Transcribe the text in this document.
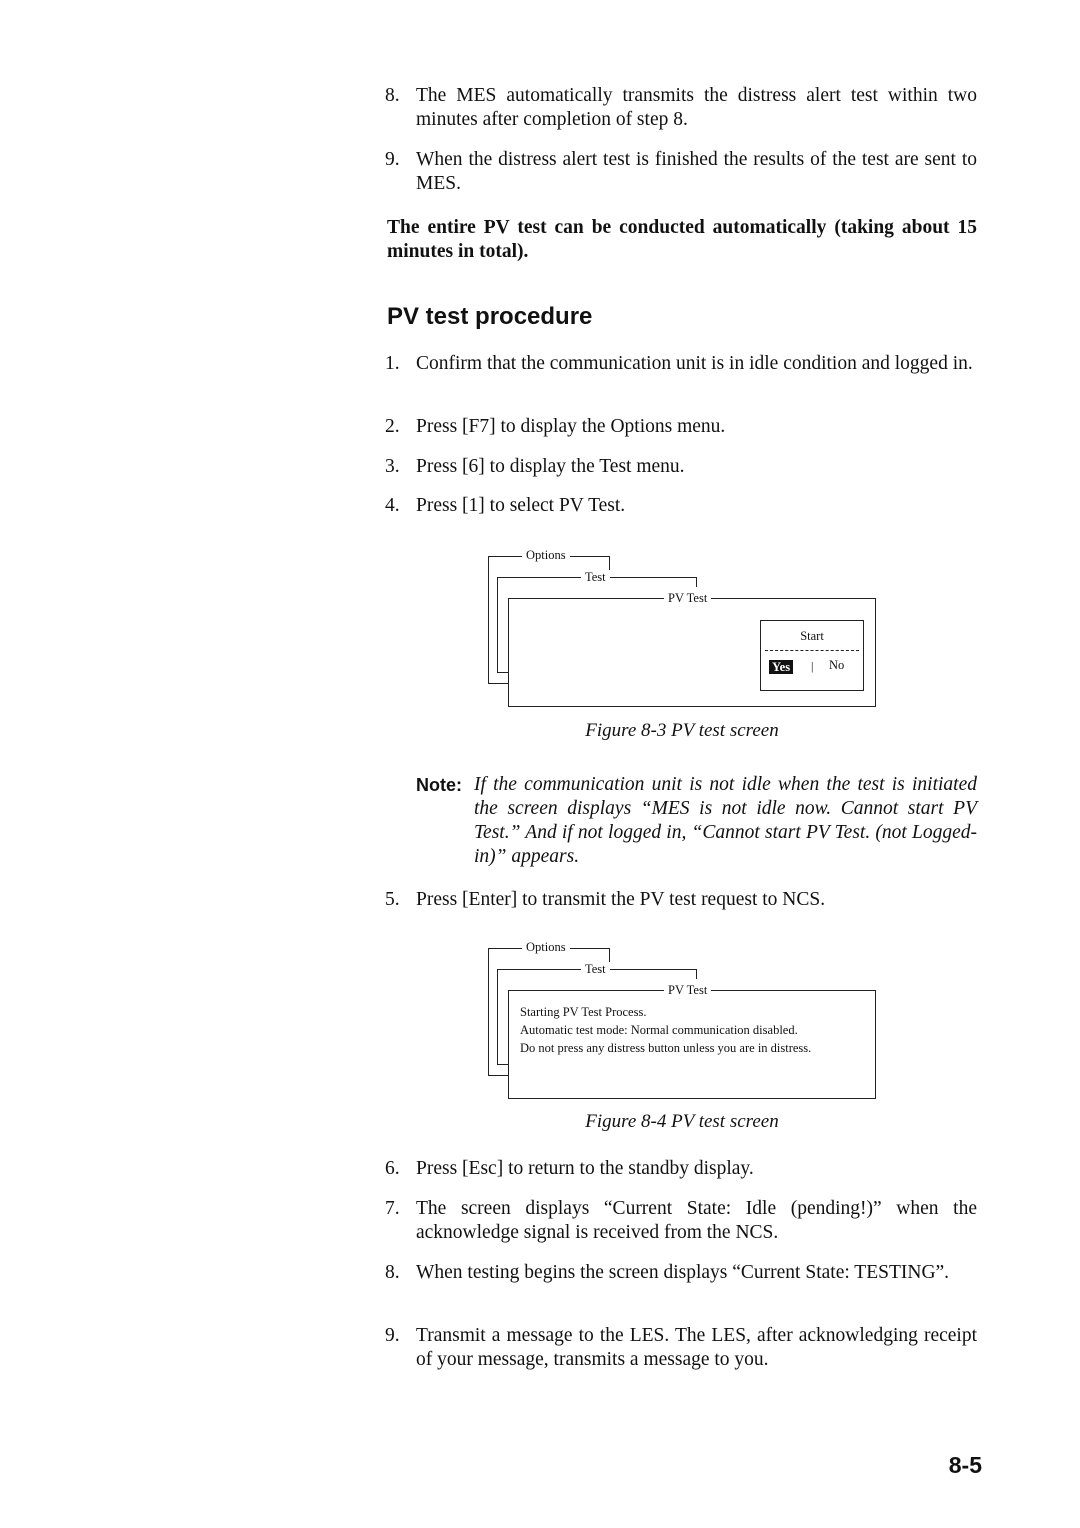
8. The MES automatically transmits the distress alert test within two minutes after completion of step 8.
9. When the distress alert test is finished the results of the test are sent to MES.
The entire PV test can be conducted automatically (taking about 15 minutes in total).
PV test procedure
1. Confirm that the communication unit is in idle condition and logged in.
2. Press [F7] to display the Options menu.
3. Press [6] to display the Test menu.
4. Press [1] to select PV Test.
Options
Test
PV Test
Start
Yes | No
Figure 8-3 PV test screen
Note: If the communication unit is not idle when the test is initiated the screen displays “MES is not idle now. Cannot start PV Test.” And if not logged in, “Cannot start PV Test. (not Logged-in)” appears.
5. Press [Enter] to transmit the PV test request to NCS.
Options
Test
PV Test
Starting PV Test Process.
Automatic test mode: Normal communication disabled.
Do not press any distress button unless you are in distress.
Figure 8-4 PV test screen
6. Press [Esc] to return to the standby display.
7. The screen displays “Current State: Idle (pending!)” when the acknowledge signal is received from the NCS.
8. When testing begins the screen displays “Current State: TESTING”.
9. Transmit a message to the LES. The LES, after acknowledging receipt of your message, transmits a message to you.
8-5
